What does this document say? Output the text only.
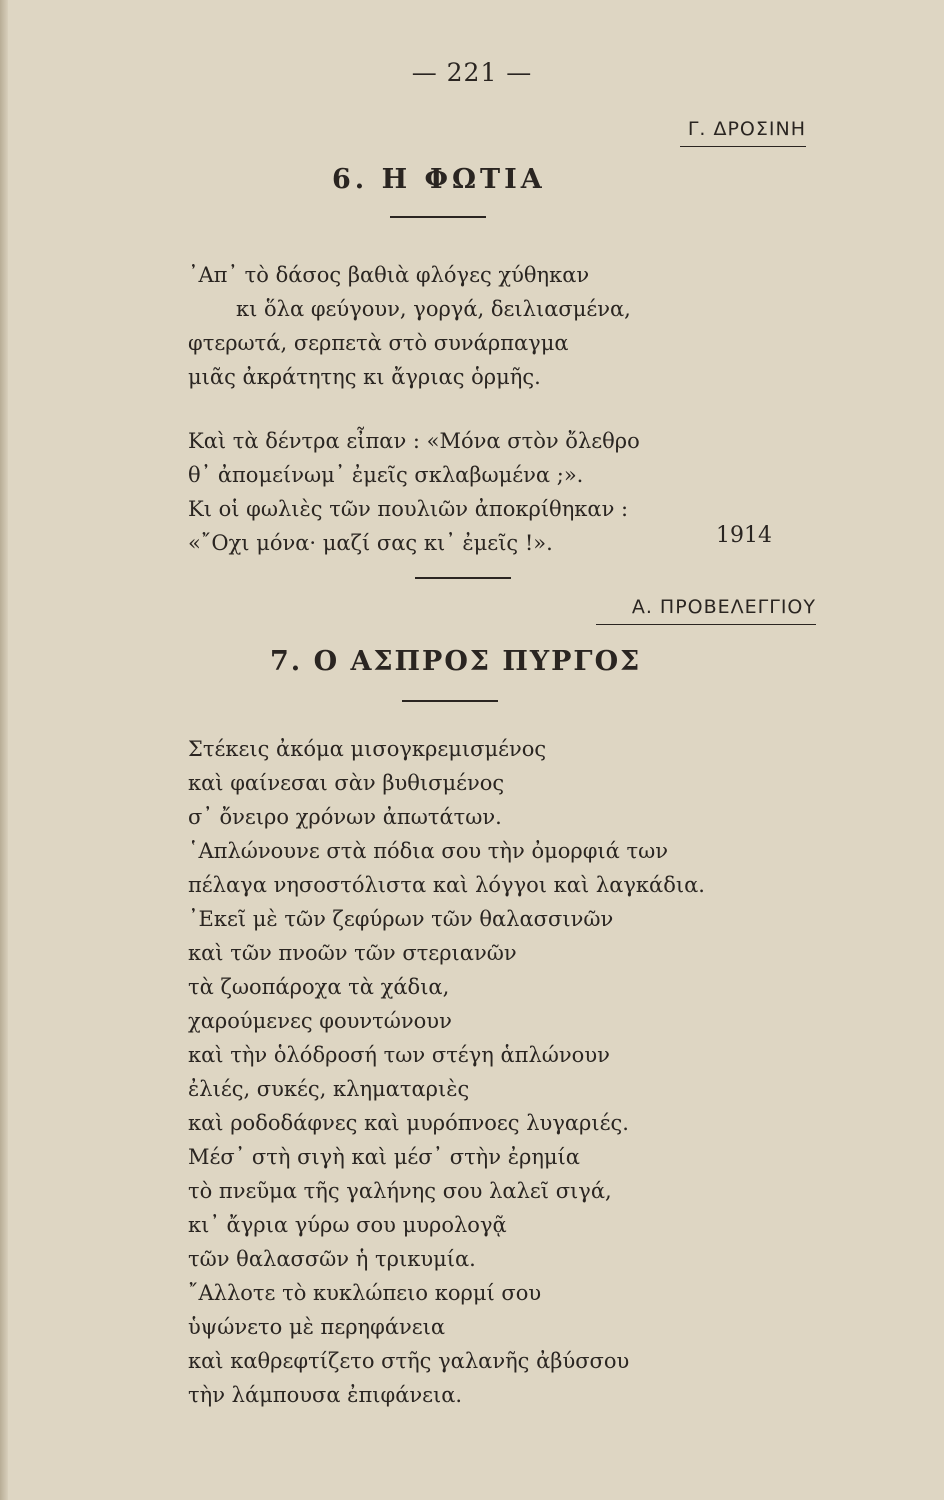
— 221 —
Γ. ΔΡΟΣΙΝΗ
6. Η ΦΩΤΙΑ
᾿Απ᾿ τὸ δάσος βαθιὰ φλόγες χύθηκαν
κι ὅλα φεύγουν, γοργά, δειλιασμένα,
φτερωτά, σερπετὰ στὸ συνάρπαγμα
μιᾶς ἀκράτητης κι ἄγριας ὁρμῆς.
Καὶ τὰ δέντρα εἶπαν : «Μόνα στὸν ὄλεθρο
θ᾿ ἀπομείνωμ᾿ ἐμεῖς σκλαβωμένα ;».
Κι οἱ φωλιὲς τῶν πουλιῶν ἀποκρίθηκαν :
«῎Οχι μόνα· μαζί σας κι᾿ ἐμεῖς !».	1914
Α. ΠΡΟΒΕΛΕΓΓΙΟΥ
7. Ο ΑΣΠΡΟΣ ΠΥΡΓΟΣ
Στέκεις ἀκόμα μισογκρεμισμένος
καὶ φαίνεσαι σὰν βυθισμένος
σ᾿ ὄνειρο χρόνων ἀπωτάτων.
῾Απλώνουνε στὰ πόδια σου τὴν ὀμορφιά των
πέλαγα νησοστόλιστα καὶ λόγγοι καὶ λαγκάδια.
᾿Εκεῖ μὲ τῶν ζεφύρων τῶν θαλασσινῶν
καὶ τῶν πνοῶν τῶν στεριανῶν
τὰ ζωοπάροχα τὰ χάδια,
χαρούμενες φουντώνουν
καὶ τὴν ὁλόδροσή των στέγη ἁπλώνουν
ἐλιές, συκές, κληματαριὲς
καὶ ροδοδάφνες καὶ μυρόπνοες λυγαριές.
Μέσ᾿ στὴ σιγὴ καὶ μέσ᾿ στὴν ἐρημία
τὸ πνεῦμα τῆς γαλήνης σου λαλεῖ σιγά,
κι᾿ ἄγρια γύρω σου μυρολογᾷ
τῶν θαλασσῶν ἡ τρικυμία.
῎Αλλοτε τὸ κυκλώπειο κορμί σου
ὑψώνετο μὲ περηφάνεια
καὶ καθρεφτίζετο στῆς γαλανῆς ἀβύσσου
τὴν λάμπουσα ἐπιφάνεια.
